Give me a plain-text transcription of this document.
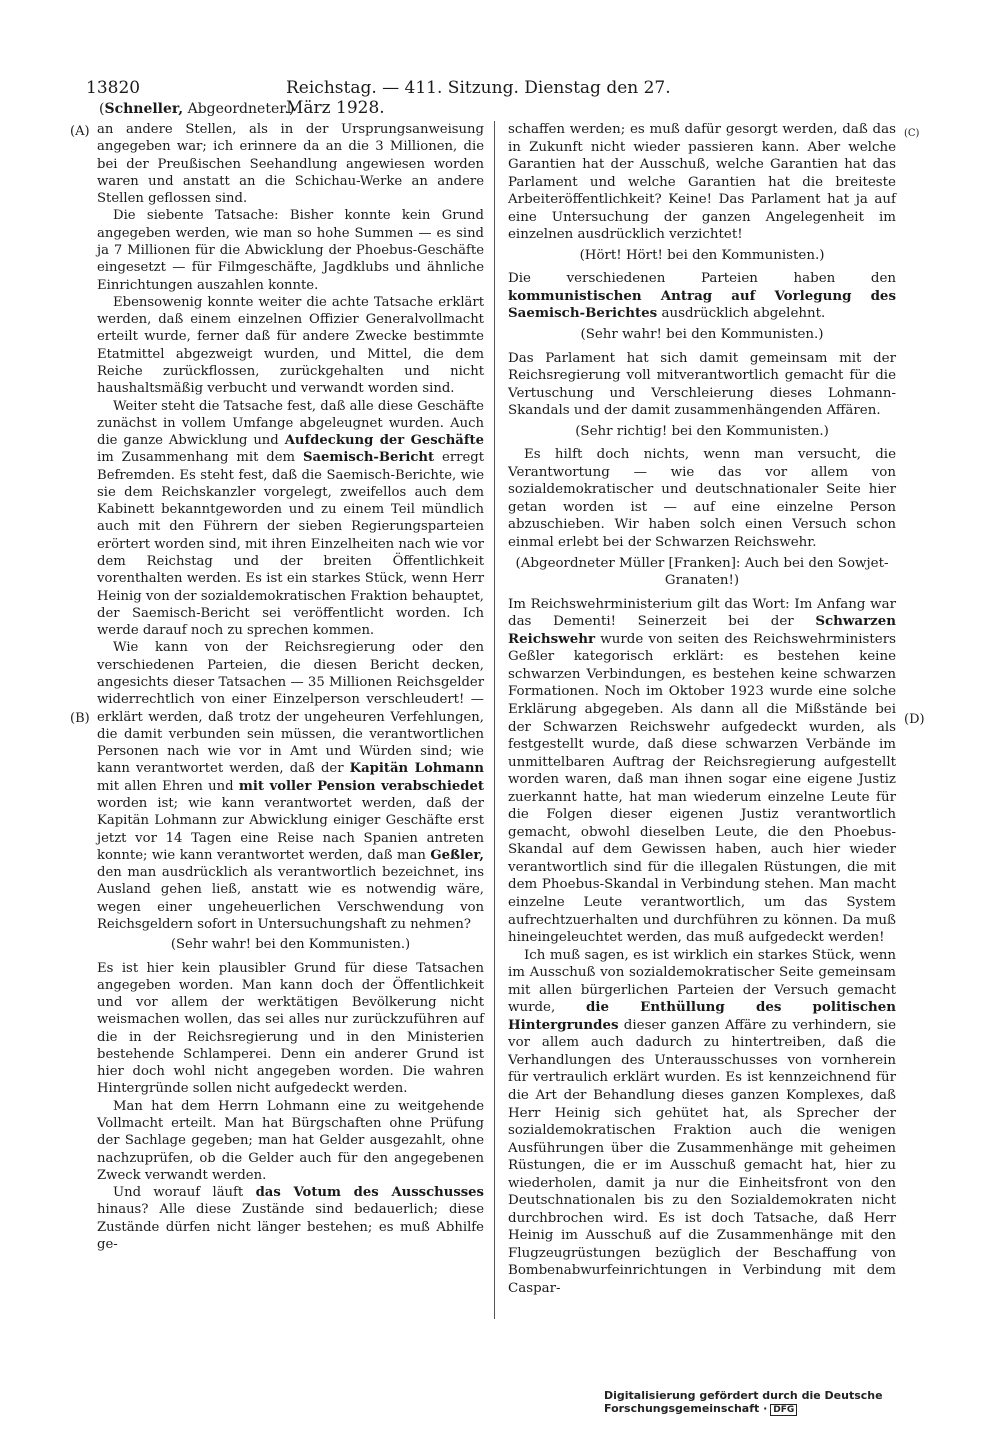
13820	Reichstag. — 411. Sitzung. Dienstag den 27. März 1928.
(Schneller, Abgeordneter.)
(A)
(B)
(C)
(D)

an andere Stellen, als in der Ursprungsanweisung angegeben war; ich erinnere da an die 3 Millionen, die bei der Preußischen Seehandlung angewiesen worden waren und anstatt an die Schichau-Werke an andere Stellen geflossen sind.

Die siebente Tatsache: Bisher konnte kein Grund angegeben werden, wie man so hohe Summen — es sind ja 7 Millionen für die Abwicklung der Phoebus-Geschäfte eingesetzt — für Filmgeschäfte, Jagdklubs und ähnliche Einrichtungen auszahlen konnte.

Ebensowenig konnte weiter die achte Tatsache erklärt werden, daß einem einzelnen Offizier Generalvollmacht erteilt wurde, ferner daß für andere Zwecke bestimmte Etatmittel abgezweigt wurden, und Mittel, die dem Reiche zurückflossen, zurückgehalten und nicht haushaltsmäßig verbucht und verwandt worden sind.

Weiter steht die Tatsache fest, daß alle diese Geschäfte zunächst in vollem Umfange abgeleugnet wurden. Auch die ganze Abwicklung und Aufdeckung der Geschäfte im Zusammenhang mit dem Saemisch-Bericht erregt Befremden. Es steht fest, daß die Saemisch-Berichte, wie sie dem Reichskanzler vorgelegt, zweifellos auch dem Kabinett bekanntgeworden und zu einem Teil mündlich auch mit den Führern der sieben Regierungsparteien erörtert worden sind, mit ihren Einzelheiten nach wie vor dem Reichstag und der breiten Öffentlichkeit vorenthalten werden. Es ist ein starkes Stück, wenn Herr Heinig von der sozialdemokratischen Fraktion behauptet, der Saemisch-Bericht sei veröffentlicht worden. Ich werde darauf noch zu sprechen kommen.

Wie kann von der Reichsregierung oder den verschiedenen Parteien, die diesen Bericht decken, angesichts dieser Tatsachen — 35 Millionen Reichsgelder widerrechtlich von einer Einzelperson verschleudert! — erklärt werden, daß trotz der ungeheuren Verfehlungen, die damit verbunden sein müssen, die verantwortlichen Personen nach wie vor in Amt und Würden sind; wie kann verantwortet werden, daß der Kapitän Lohmann mit allen Ehren und mit voller Pension verabschiedet worden ist; wie kann verantwortet werden, daß der Kapitän Lohmann zur Abwicklung einiger Geschäfte erst jetzt vor 14 Tagen eine Reise nach Spanien antreten konnte; wie kann verantwortet werden, daß man Geßler, den man ausdrücklich als verantwortlich bezeichnet, ins Ausland gehen ließ, anstatt wie es notwendig wäre, wegen einer ungeheuerlichen Verschwendung von Reichsgeldern sofort in Untersuchungshaft zu nehmen?

(Sehr wahr! bei den Kommunisten.)

Es ist hier kein plausibler Grund für diese Tatsachen angegeben worden. Man kann doch der Öffentlichkeit und vor allem der werktätigen Bevölkerung nicht weismachen wollen, das sei alles nur zurückzuführen auf die in der Reichsregierung und in den Ministerien bestehende Schlamperei. Denn ein anderer Grund ist hier doch wohl nicht angegeben worden. Die wahren Hintergründe sollen nicht aufgedeckt werden.

Man hat dem Herrn Lohmann eine zu weitgehende Vollmacht erteilt. Man hat Bürgschaften ohne Prüfung der Sachlage gegeben; man hat Gelder ausgezahlt, ohne nachzuprüfen, ob die Gelder auch für den angegebenen Zweck verwandt werden.

Und worauf läuft das Votum des Ausschusses hinaus? Alle diese Zustände sind bedauerlich; diese Zustände dürfen nicht länger bestehen; es muß Abhilfe ge-

schaffen werden; es muß dafür gesorgt werden, daß das in Zukunft nicht wieder passieren kann. Aber welche Garantien hat der Ausschuß, welche Garantien hat das Parlament und welche Garantien hat die breiteste Arbeiteröffentlichkeit? Keine! Das Parlament hat ja auf eine Untersuchung der ganzen Angelegenheit im einzelnen ausdrücklich verzichtet!

(Hört! Hört! bei den Kommunisten.)

Die verschiedenen Parteien haben den kommunistischen Antrag auf Vorlegung des Saemisch-Berichtes ausdrücklich abgelehnt.

(Sehr wahr! bei den Kommunisten.)

Das Parlament hat sich damit gemeinsam mit der Reichsregierung voll mitverantwortlich gemacht für die Vertuschung und Verschleierung dieses Lohmann-Skandals und der damit zusammenhängenden Affären.

(Sehr richtig! bei den Kommunisten.)

Es hilft doch nichts, wenn man versucht, die Verantwortung — wie das vor allem von sozialdemokratischer und deutschnationaler Seite hier getan worden ist — auf eine einzelne Person abzuschieben. Wir haben solch einen Versuch schon einmal erlebt bei der Schwarzen Reichswehr.

(Abgeordneter Müller [Franken]: Auch bei den Sowjet-Granaten!)

Im Reichswehrministerium gilt das Wort: Im Anfang war das Dementi! Seinerzeit bei der Schwarzen Reichswehr wurde von seiten des Reichswehrministers Geßler kategorisch erklärt: es bestehen keine schwarzen Verbindungen, es bestehen keine schwarzen Formationen. Noch im Oktober 1923 wurde eine solche Erklärung abgegeben. Als dann all die Mißstände bei der Schwarzen Reichswehr aufgedeckt wurden, als festgestellt wurde, daß diese schwarzen Verbände im unmittelbaren Auftrag der Reichsregierung aufgestellt worden waren, daß man ihnen sogar eine eigene Justiz zuerkannt hatte, hat man wiederum einzelne Leute für die Folgen dieser eigenen Justiz verantwortlich gemacht, obwohl dieselben Leute, die den Phoebus-Skandal auf dem Gewissen haben, auch hier wieder verantwortlich sind für die illegalen Rüstungen, die mit dem Phoebus-Skandal in Verbindung stehen. Man macht einzelne Leute verantwortlich, um das System aufrechtzuerhalten und durchführen zu können. Da muß hineingeleuchtet werden, das muß aufgedeckt werden!

Ich muß sagen, es ist wirklich ein starkes Stück, wenn im Ausschuß von sozialdemokratischer Seite gemeinsam mit allen bürgerlichen Parteien der Versuch gemacht wurde, die Enthüllung des politischen Hintergrundes dieser ganzen Affäre zu verhindern, sie vor allem auch dadurch zu hintertreiben, daß die Verhandlungen des Unterausschusses von vornherein für vertraulich erklärt wurden. Es ist kennzeichnend für die Art der Behandlung dieses ganzen Komplexes, daß Herr Heinig sich gehütet hat, als Sprecher der sozialdemokratischen Fraktion auch die wenigen Ausführungen über die Zusammenhänge mit geheimen Rüstungen, die er im Ausschuß gemacht hat, hier zu wiederholen, damit ja nur die Einheitsfront von den Deutschnationalen bis zu den Sozialdemokraten nicht durchbrochen wird. Es ist doch Tatsache, daß Herr Heinig im Ausschuß auf die Zusammenhänge mit den Flugzeugrüstungen bezüglich der Beschaffung von Bombenabwurfeinrichtungen in Verbindung mit dem Caspar-

Digitalisierung gefördert durch die Deutsche Forschungsgemeinschaft · DFG
